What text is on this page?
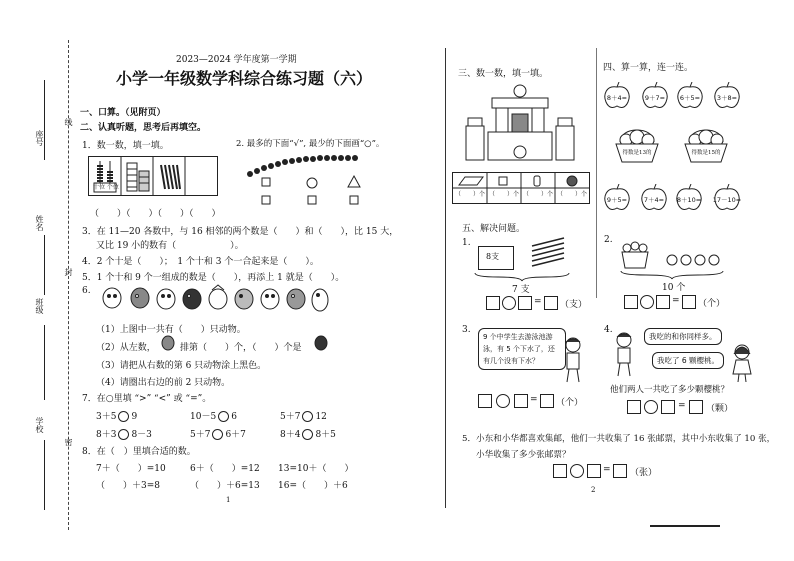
座号
线
姓名
封
班级
学校
密
2023—2024 学年度第一学期
小学一年级数学科综合练习题（六）
一、口算。（见附页）
二、认真听题，思考后再填空。
1．数一数，填一填。
十位 个位
（　　）（　　）（　　）（　　）
2. 最多的下面“√”, 最少的下面画“○”。
3．在 11—20 各数中，与 16 相邻的两个数是（　　）和（　　），比 15 大，
又比 19 小的数有（　　　　　　）。
4．2 个十是（　　）；　1 个十和 3 个一合起来是（　　）。
5．1 个十和 9 个一组成的数是（　　），再添上 1 就是（　　）。
6.
（1）上图中一共有（　　）只动物。
（2）从左数，	排第（　　）个，（　　）个是
（3）请把从右数的第 6 只动物涂上黑色。
（4）请圈出右边的前 2 只动物。
7．在○里填 “>” “<” 或 “=”。
3＋5 9	10－5 6	5＋7 12
8＋3 8－3	5＋7 6＋7	8＋4 8＋5
8．在（　）里填合适的数。
7＋（　　）=10	6＋（　　）=12 13=10＋（　　）
（　　）＋3=8	（　　）＋6=13 16=（　　）＋6
1
三、数一数，填一填。
（　　）个 （　　）个 （　　）个 （　　）个
四、算一算，连一连。
8＋4=	9＋7=	6＋5=	3＋8=
得数是13的	得数是15的
9＋5=	7＋4=	8＋10=	17－10=
五、解决问题。
1.
8支
7 支
= （支）
2.
10 个
= （个）
3.
9 个中学生去游泳池游泳，有 5 个下水了，还有几个没有下水？
= （个）
4.
我吃的和你同样多。
我吃了 6 颗樱桃。
他们两人一共吃了多少颗樱桃？
= （颗）
5．小东和小华都喜欢集邮，他们一共收集了 16 张邮票，其中小东收集了 10 张，
小华收集了多少张邮票？
= （张）
2
